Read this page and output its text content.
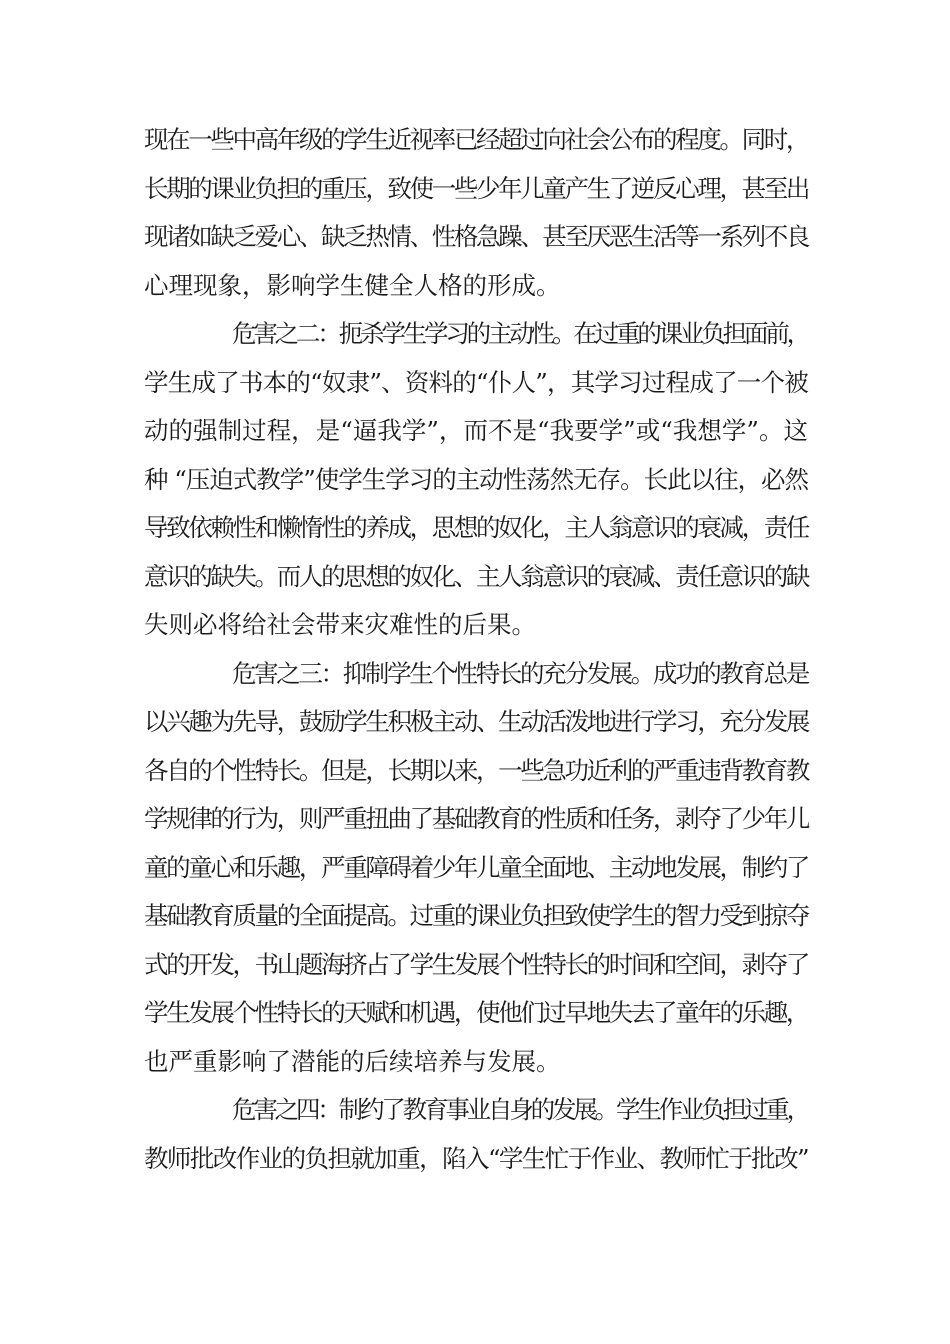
现在一些中高年级的学生近视率已经超过向社会公布的程度。同时，
长期的课业负担的重压，致使一些少年儿童产生了逆反心理，甚至出
现诸如缺乏爱心、缺乏热情、性格急躁、甚至厌恶生活等一系列不良
心理现象，影响学生健全人格的形成。
危害之二：扼杀学生学习的主动性。在过重的课业负担面前，
学生成了书本的“奴隶”、资料的“仆人”，其学习过程成了一个被
动的强制过程，是“逼我学”，而不是“我要学”或“我想学”。这
种 “压迫式教学”使学生学习的主动性荡然无存。长此以往，必然
导致依赖性和懒惰性的养成，思想的奴化，主人翁意识的衰减，责任
意识的缺失。而人的思想的奴化、主人翁意识的衰减、责任意识的缺
失则必将给社会带来灾难性的后果。
危害之三：抑制学生个性特长的充分发展。成功的教育总是
以兴趣为先导，鼓励学生积极主动、生动活泼地进行学习，充分发展
各自的个性特长。但是，长期以来，一些急功近利的严重违背教育教
学规律的行为，则严重扭曲了基础教育的性质和任务，剥夺了少年儿
童的童心和乐趣，严重障碍着少年儿童全面地、主动地发展，制约了
基础教育质量的全面提高。过重的课业负担致使学生的智力受到掠夺
式的开发，书山题海挤占了学生发展个性特长的时间和空间，剥夺了
学生发展个性特长的天赋和机遇，使他们过早地失去了童年的乐趣，
也严重影响了潜能的后续培养与发展。
危害之四：制约了教育事业自身的发展。学生作业负担过重，
教师批改作业的负担就加重，陷入“学生忙于作业、教师忙于批改”
